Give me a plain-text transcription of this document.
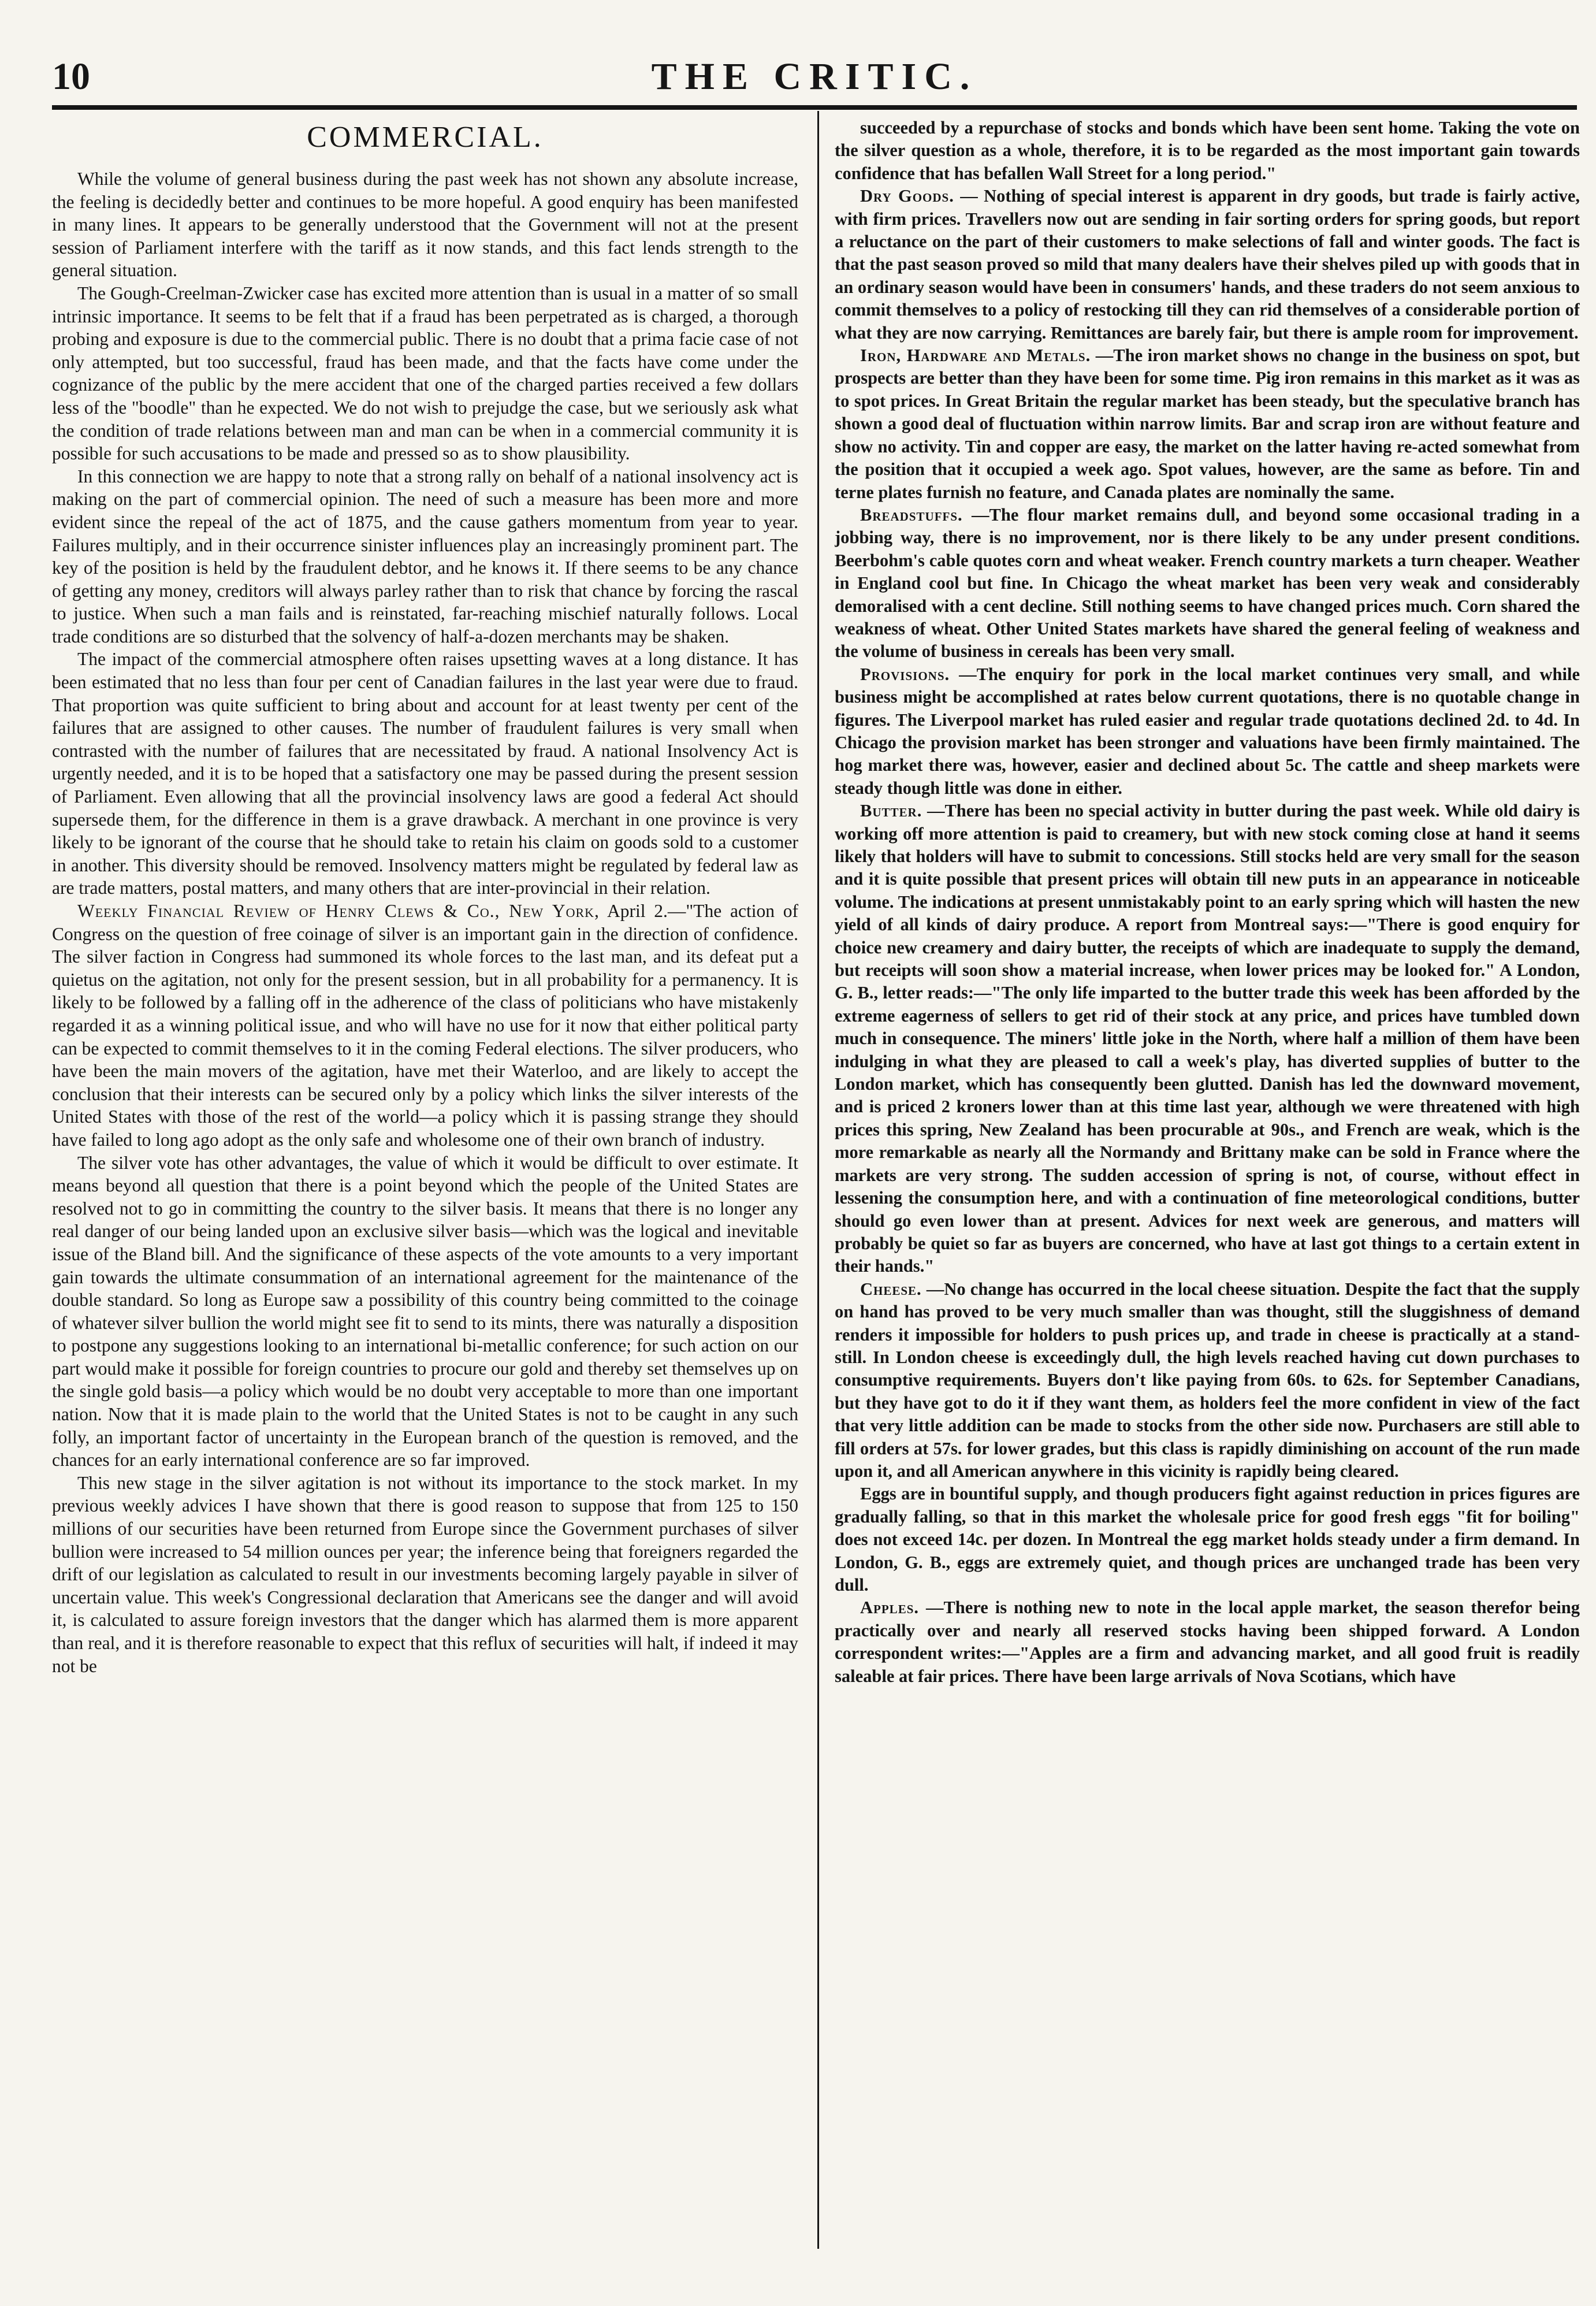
10	THE CRITIC.
COMMERCIAL.

While the volume of general business during the past week has not shown any absolute increase, the feeling is decidedly better and continues to be more hopeful. A good enquiry has been manifested in many lines. It appears to be generally understood that the Government will not at the present session of Parliament interfere with the tariff as it now stands, and this fact lends strength to the general situation.

The Gough-Creelman-Zwicker case has excited more attention than is usual in a matter of so small intrinsic importance. It seems to be felt that if a fraud has been perpetrated as is charged, a thorough probing and exposure is due to the commercial public. There is no doubt that a prima facie case of not only attempted, but too successful, fraud has been made, and that the facts have come under the cognizance of the public by the mere accident that one of the charged parties received a few dollars less of the "boodle" than he expected. We do not wish to prejudge the case, but we seriously ask what the condition of trade relations between man and man can be when in a commercial community it is possible for such accusations to be made and pressed so as to show plausibility.

In this connection we are happy to note that a strong rally on behalf of a national insolvency act is making on the part of commercial opinion. The need of such a measure has been more and more evident since the repeal of the act of 1875, and the cause gathers momentum from year to year. Failures multiply, and in their occurrence sinister influences play an increasingly prominent part. The key of the position is held by the fraudulent debtor, and he knows it. If there seems to be any chance of getting any money, creditors will always parley rather than to risk that chance by forcing the rascal to justice. When such a man fails and is reinstated, far-reaching mischief naturally follows. Local trade conditions are so disturbed that the solvency of half-a-dozen merchants may be shaken.

The impact of the commercial atmosphere often raises upsetting waves at a long distance. It has been estimated that no less than four per cent of Canadian failures in the last year were due to fraud. That proportion was quite sufficient to bring about and account for at least twenty per cent of the failures that are assigned to other causes. The number of fraudulent failures is very small when contrasted with the number of failures that are necessitated by fraud. A national Insolvency Act is urgently needed, and it is to be hoped that a satisfactory one may be passed during the present session of Parliament. Even allowing that all the provincial insolvency laws are good a federal Act should supersede them, for the difference in them is a grave drawback. A merchant in one province is very likely to be ignorant of the course that he should take to retain his claim on goods sold to a customer in another. This diversity should be removed. Insolvency matters might be regulated by federal law as are trade matters, postal matters, and many others that are inter-provincial in their relation.

Weekly Financial Review of Henry Clews & Co., New York, April 2.—"The action of Congress on the question of free coinage of silver is an important gain in the direction of confidence. The silver faction in Congress had summoned its whole forces to the last man, and its defeat put a quietus on the agitation, not only for the present session, but in all probability for a permanency. It is likely to be followed by a falling off in the adherence of the class of politicians who have mistakenly regarded it as a winning political issue, and who will have no use for it now that either political party can be expected to commit themselves to it in the coming Federal elections. The silver producers, who have been the main movers of the agitation, have met their Waterloo, and are likely to accept the conclusion that their interests can be secured only by a policy which links the silver interests of the United States with those of the rest of the world—a policy which it is passing strange they should have failed to long ago adopt as the only safe and wholesome one of their own branch of industry.

The silver vote has other advantages, the value of which it would be difficult to over estimate. It means beyond all question that there is a point beyond which the people of the United States are resolved not to go in committing the country to the silver basis. It means that there is no longer any real danger of our being landed upon an exclusive silver basis—which was the logical and inevitable issue of the Bland bill. And the significance of these aspects of the vote amounts to a very important gain towards the ultimate consummation of an international agreement for the maintenance of the double standard. So long as Europe saw a possibility of this country being committed to the coinage of whatever silver bullion the world might see fit to send to its mints, there was naturally a disposition to postpone any suggestions looking to an international bi-metallic conference; for such action on our part would make it possible for foreign countries to procure our gold and thereby set themselves up on the single gold basis—a policy which would be no doubt very acceptable to more than one important nation. Now that it is made plain to the world that the United States is not to be caught in any such folly, an important factor of uncertainty in the European branch of the question is removed, and the chances for an early international conference are so far improved.

This new stage in the silver agitation is not without its importance to the stock market. In my previous weekly advices I have shown that there is good reason to suppose that from 125 to 150 millions of our securities have been returned from Europe since the Government purchases of silver bullion were increased to 54 million ounces per year; the inference being that foreigners regarded the drift of our legislation as calculated to result in our investments becoming largely payable in silver of uncertain value. This week's Congressional declaration that Americans see the danger and will avoid it, is calculated to assure foreign investors that the danger which has alarmed them is more apparent than real, and it is therefore reasonable to expect that this reflux of securities will halt, if indeed it may not be

succeeded by a repurchase of stocks and bonds which have been sent home. Taking the vote on the silver question as a whole, therefore, it is to be regarded as the most important gain towards confidence that has befallen Wall Street for a long period."

Dry Goods. — Nothing of special interest is apparent in dry goods, but trade is fairly active, with firm prices. Travellers now out are sending in fair sorting orders for spring goods, but report a reluctance on the part of their customers to make selections of fall and winter goods. The fact is that the past season proved so mild that many dealers have their shelves piled up with goods that in an ordinary season would have been in consumers' hands, and these traders do not seem anxious to commit themselves to a policy of restocking till they can rid themselves of a considerable portion of what they are now carrying. Remittances are barely fair, but there is ample room for improvement.

Iron, Hardware and Metals. —The iron market shows no change in the business on spot, but prospects are better than they have been for some time. Pig iron remains in this market as it was as to spot prices. In Great Britain the regular market has been steady, but the speculative branch has shown a good deal of fluctuation within narrow limits. Bar and scrap iron are without feature and show no activity. Tin and copper are easy, the market on the latter having re-acted somewhat from the position that it occupied a week ago. Spot values, however, are the same as before. Tin and terne plates furnish no feature, and Canada plates are nominally the same.

Breadstuffs. —The flour market remains dull, and beyond some occasional trading in a jobbing way, there is no improvement, nor is there likely to be any under present conditions. Beerbohm's cable quotes corn and wheat weaker. French country markets a turn cheaper. Weather in England cool but fine. In Chicago the wheat market has been very weak and considerably demoralised with a cent decline. Still nothing seems to have changed prices much. Corn shared the weakness of wheat. Other United States markets have shared the general feeling of weakness and the volume of business in cereals has been very small.

Provisions. —The enquiry for pork in the local market continues very small, and while business might be accomplished at rates below current quotations, there is no quotable change in figures. The Liverpool market has ruled easier and regular trade quotations declined 2d. to 4d. In Chicago the provision market has been stronger and valuations have been firmly maintained. The hog market there was, however, easier and declined about 5c. The cattle and sheep markets were steady though little was done in either.

Butter. —There has been no special activity in butter during the past week. While old dairy is working off more attention is paid to creamery, but with new stock coming close at hand it seems likely that holders will have to submit to concessions. Still stocks held are very small for the season and it is quite possible that present prices will obtain till new puts in an appearance in noticeable volume. The indications at present unmistakably point to an early spring which will hasten the new yield of all kinds of dairy produce. A report from Montreal says:—"There is good enquiry for choice new creamery and dairy butter, the receipts of which are inadequate to supply the demand, but receipts will soon show a material increase, when lower prices may be looked for." A London, G. B., letter reads:—"The only life imparted to the butter trade this week has been afforded by the extreme eagerness of sellers to get rid of their stock at any price, and prices have tumbled down much in consequence. The miners' little joke in the North, where half a million of them have been indulging in what they are pleased to call a week's play, has diverted supplies of butter to the London market, which has consequently been glutted. Danish has led the downward movement, and is priced 2 kroners lower than at this time last year, although we were threatened with high prices this spring, New Zealand has been procurable at 90s., and French are weak, which is the more remarkable as nearly all the Normandy and Brittany make can be sold in France where the markets are very strong. The sudden accession of spring is not, of course, without effect in lessening the consumption here, and with a continuation of fine meteorological conditions, butter should go even lower than at present. Advices for next week are generous, and matters will probably be quiet so far as buyers are concerned, who have at last got things to a certain extent in their hands."

Cheese. —No change has occurred in the local cheese situation. Despite the fact that the supply on hand has proved to be very much smaller than was thought, still the sluggishness of demand renders it impossible for holders to push prices up, and trade in cheese is practically at a stand-still. In London cheese is exceedingly dull, the high levels reached having cut down purchases to consumptive requirements. Buyers don't like paying from 60s. to 62s. for September Canadians, but they have got to do it if they want them, as holders feel the more confident in view of the fact that very little addition can be made to stocks from the other side now. Purchasers are still able to fill orders at 57s. for lower grades, but this class is rapidly diminishing on account of the run made upon it, and all American anywhere in this vicinity is rapidly being cleared.

Eggs are in bountiful supply, and though producers fight against reduction in prices figures are gradually falling, so that in this market the wholesale price for good fresh eggs "fit for boiling" does not exceed 14c. per dozen. In Montreal the egg market holds steady under a firm demand. In London, G. B., eggs are extremely quiet, and though prices are unchanged trade has been very dull.

Apples. —There is nothing new to note in the local apple market, the season therefor being practically over and nearly all reserved stocks having been shipped forward. A London correspondent writes:—"Apples are a firm and advancing market, and all good fruit is readily saleable at fair prices. There have been large arrivals of Nova Scotians, which have
